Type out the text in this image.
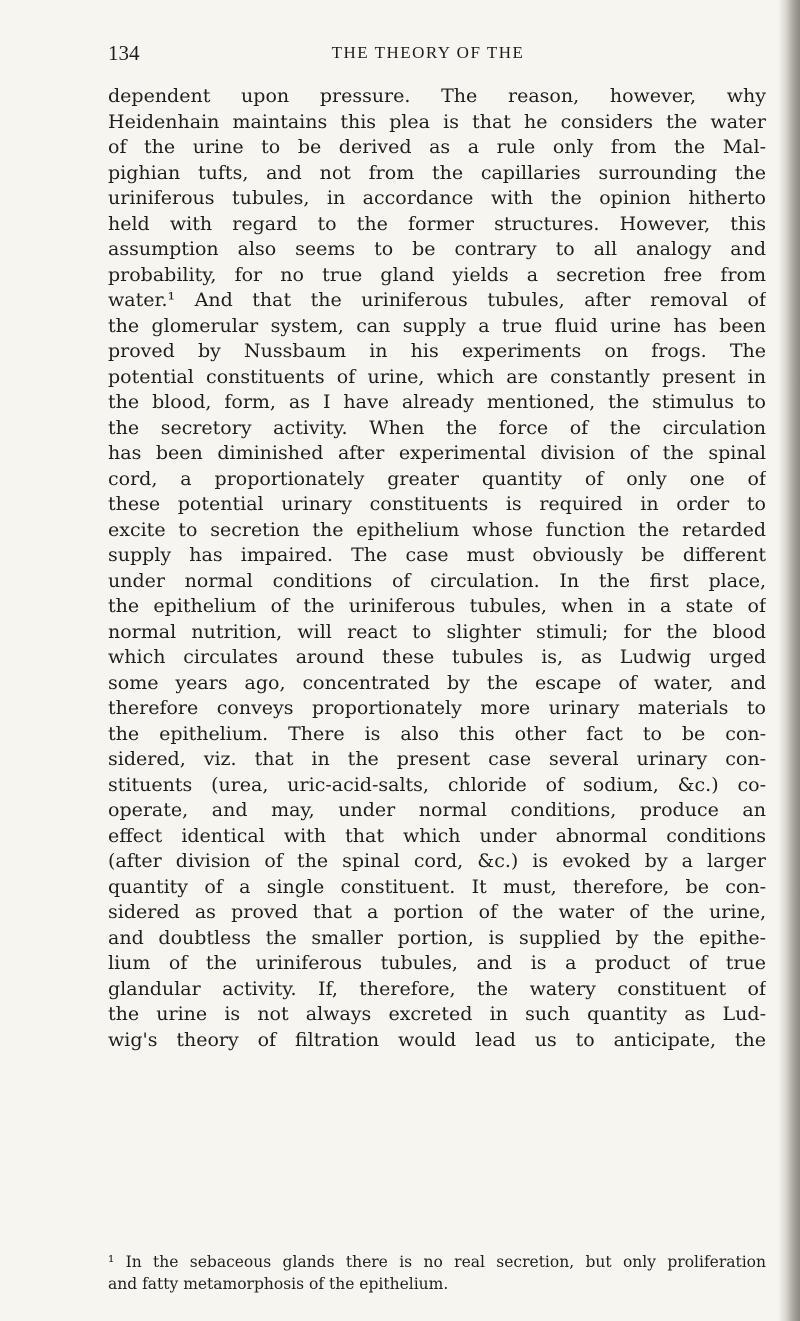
134	THE THEORY OF THE
dependent upon pressure. The reason, however, why
Heidenhain maintains this plea is that he considers the water
of the urine to be derived as a rule only from the Mal-
pighian tufts, and not from the capillaries surrounding the
uriniferous tubules, in accordance with the opinion hitherto
held with regard to the former structures. However, this
assumption also seems to be contrary to all analogy and
probability, for no true gland yields a secretion free from
water.¹ And that the uriniferous tubules, after removal of
the glomerular system, can supply a true fluid urine has been
proved by Nussbaum in his experiments on frogs. The
potential constituents of urine, which are constantly present in
the blood, form, as I have already mentioned, the stimulus to
the secretory activity. When the force of the circulation
has been diminished after experimental division of the spinal
cord, a proportionately greater quantity of only one of
these potential urinary constituents is required in order to
excite to secretion the epithelium whose function the retarded
supply has impaired. The case must obviously be different
under normal conditions of circulation. In the first place,
the epithelium of the uriniferous tubules, when in a state of
normal nutrition, will react to slighter stimuli; for the blood
which circulates around these tubules is, as Ludwig urged
some years ago, concentrated by the escape of water, and
therefore conveys proportionately more urinary materials to
the epithelium. There is also this other fact to be con-
sidered, viz. that in the present case several urinary con-
stituents (urea, uric-acid-salts, chloride of sodium, &c.) co-
operate, and may, under normal conditions, produce an
effect identical with that which under abnormal conditions
(after division of the spinal cord, &c.) is evoked by a larger
quantity of a single constituent. It must, therefore, be con-
sidered as proved that a portion of the water of the urine,
and doubtless the smaller portion, is supplied by the epithe-
lium of the uriniferous tubules, and is a product of true
glandular activity. If, therefore, the watery constituent of
the urine is not always excreted in such quantity as Lud-
wig's theory of filtration would lead us to anticipate, the
¹ In the sebaceous glands there is no real secretion, but only proliferation
and fatty metamorphosis of the epithelium.
